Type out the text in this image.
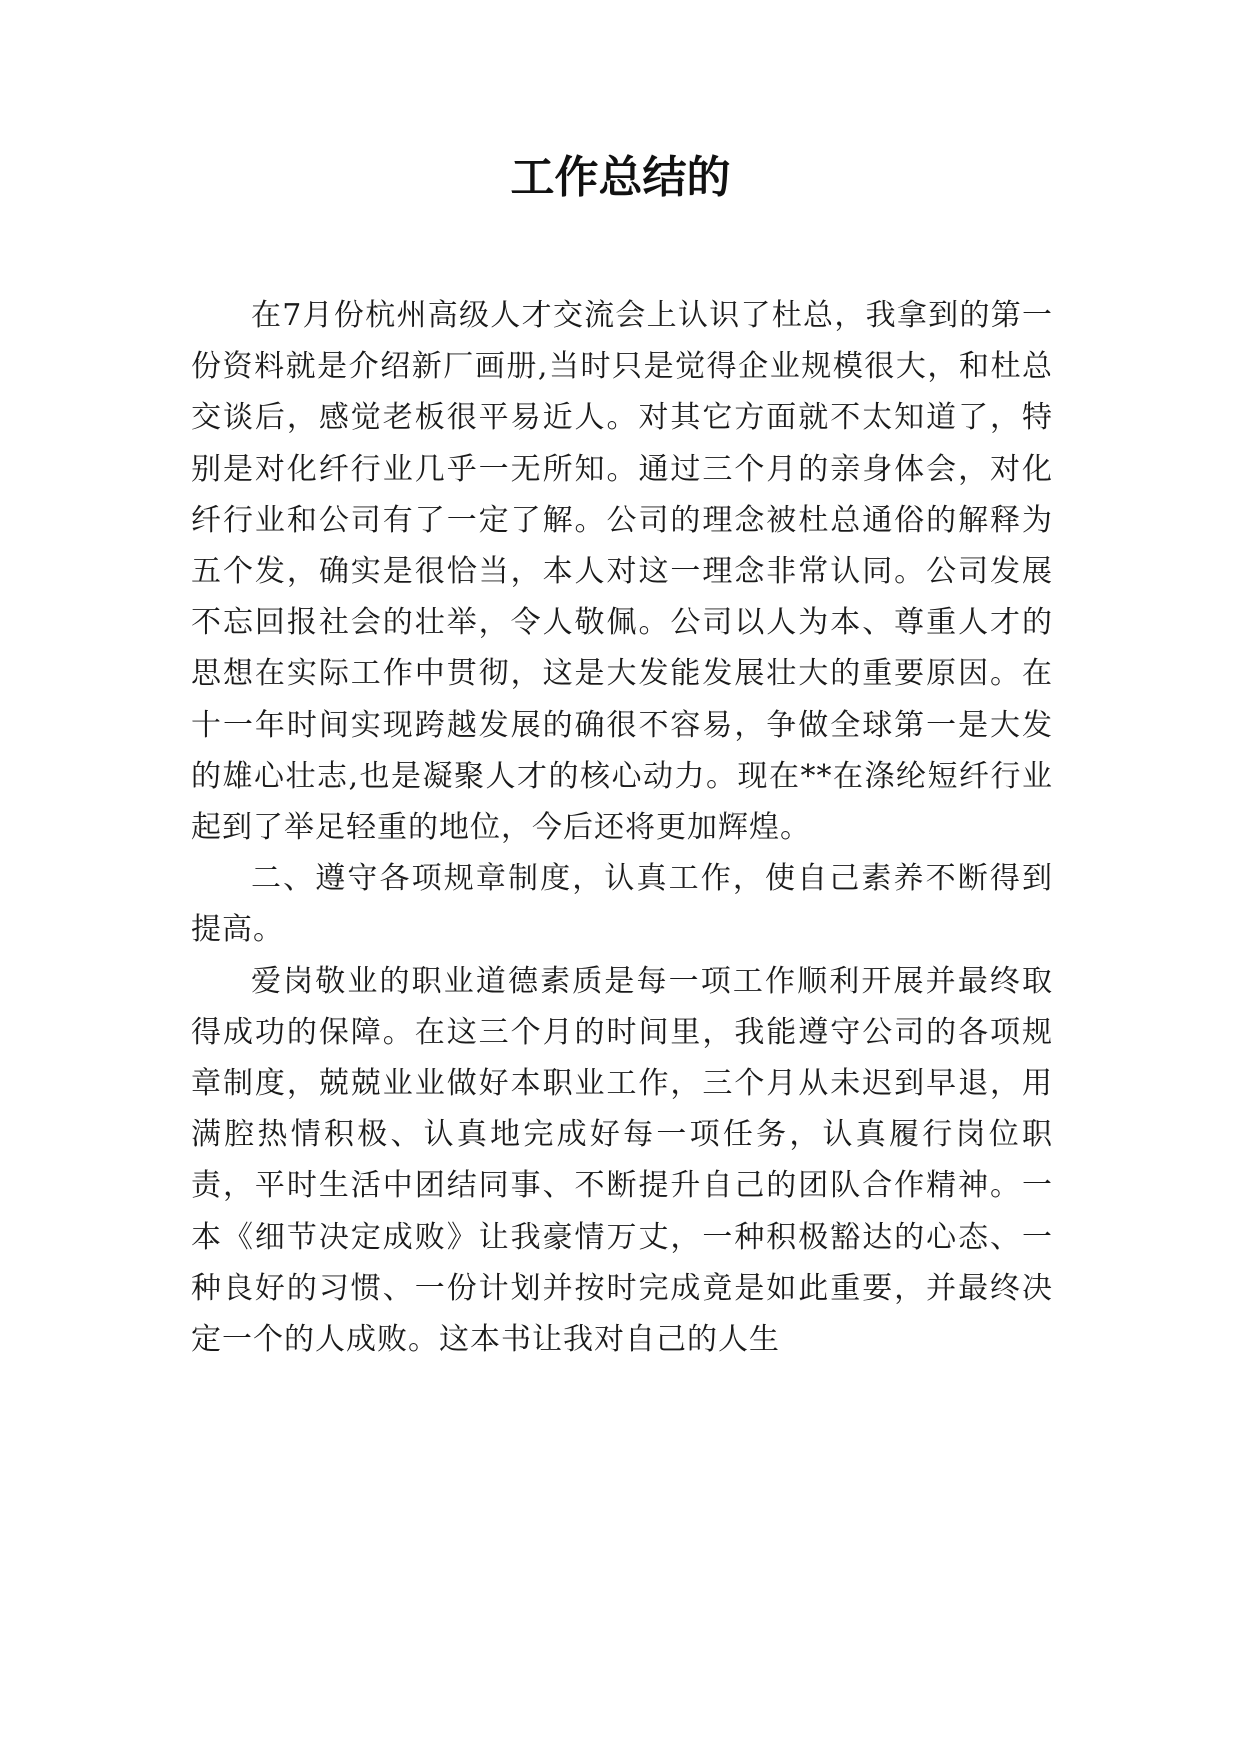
工作总结的

在7月份杭州高级人才交流会上认识了杜总，我拿到的第一份资料就是介绍新厂画册,当时只是觉得企业规模很大，和杜总交谈后，感觉老板很平易近人。对其它方面就不太知道了，特别是对化纤行业几乎一无所知。通过三个月的亲身体会，对化纤行业和公司有了一定了解。公司的理念被杜总通俗的解释为五个发，确实是很恰当，本人对这一理念非常认同。公司发展不忘回报社会的壮举，令人敬佩。公司以人为本、尊重人才的思想在实际工作中贯彻，这是大发能发展壮大的重要原因。在十一年时间实现跨越发展的确很不容易，争做全球第一是大发的雄心壮志,也是凝聚人才的核心动力。现在**在涤纶短纤行业起到了举足轻重的地位，今后还将更加辉煌。

二、遵守各项规章制度，认真工作，使自己素养不断得到提高。

爱岗敬业的职业道德素质是每一项工作顺利开展并最终取得成功的保障。在这三个月的时间里，我能遵守公司的各项规章制度，兢兢业业做好本职业工作，三个月从未迟到早退，用满腔热情积极、认真地完成好每一项任务，认真履行岗位职责，平时生活中团结同事、不断提升自己的团队合作精神。一本《细节决定成败》让我豪情万丈，一种积极豁达的心态、一种良好的习惯、一份计划并按时完成竟是如此重要，并最终决定一个的人成败。这本书让我对自己的人生
